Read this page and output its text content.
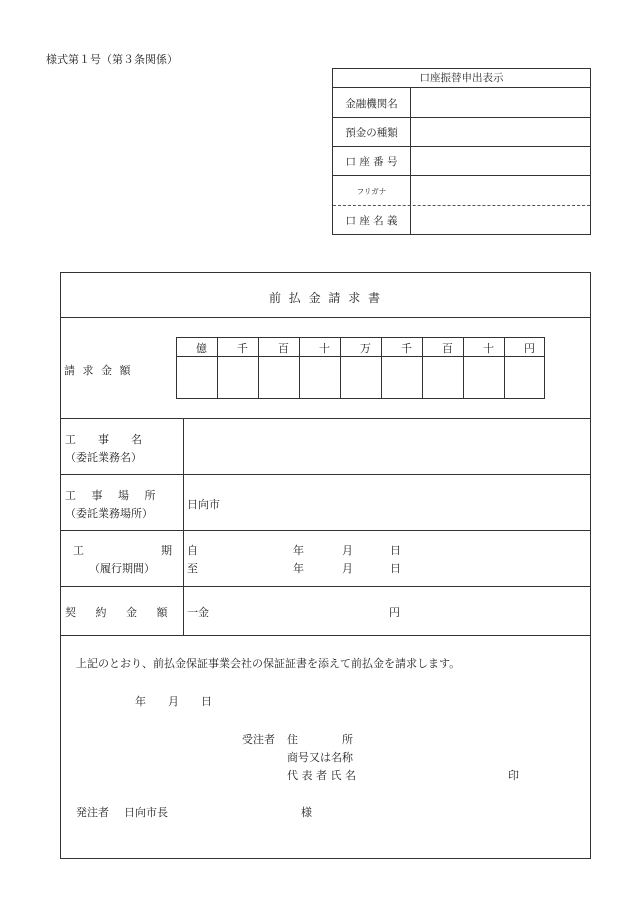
様式第１号（第３条関係）
口座振替申出表示
金融機関名
預金の種類
口 座 番 号
フリガナ
口 座 名 義
前 払 金 請 求 書
請 求 金 額
億	千	百	十	万	千	百	十	円
工　　事　　名
（委託業務名）
工 事 場 所
（委託業務場所）
日向市
工　　　　　　　期
（履行期間）
自	年	月	日
至	年	月	日
契 約 金 額 一金	円
上記のとおり、前払金保証事業会社の保証証書を添えて前払金を請求します。
年　　月　　日
受注者 住　　　　所
商号又は名称
代 表 者 氏 名	印
発注者 日向市長	様
